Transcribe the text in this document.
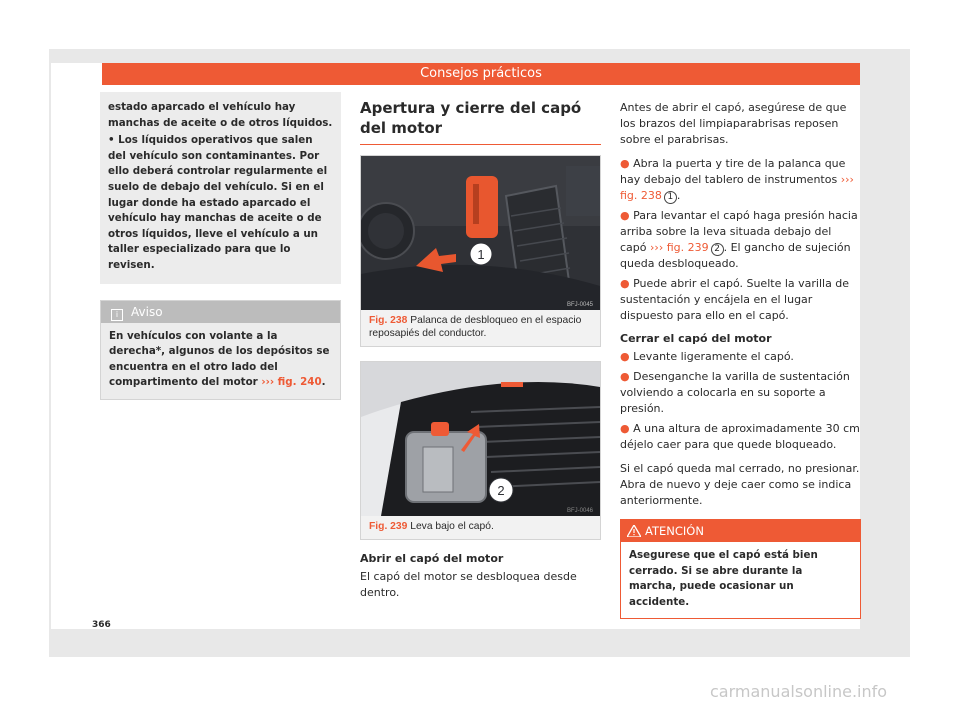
Consejos prácticos

estado aparcado el vehículo hay manchas de aceite o de otros líquidos.

• Los líquidos operativos que salen del vehículo son contaminantes. Por ello deberá controlar regularmente el suelo de debajo del vehículo. Si en el lugar donde ha estado aparcado el vehículo hay manchas de aceite o de otros líquidos, lleve el vehículo a un taller especializado para que lo revisen.

i Aviso
En vehículos con volante a la derecha*, algunos de los depósitos se encuentra en el otro lado del compartimento del motor ››› fig. 240.
Apertura y cierre del capó del motor
1
BFJ-0045
Fig. 238 Palanca de desbloqueo en el espacio reposapiés del conductor.
2
BFJ-0046
Fig. 239 Leva bajo el capó.
Abrir el capó del motor

El capó del motor se desbloquea desde dentro.

Antes de abrir el capó, asegúrese de que los brazos del limpiaparabrisas reposen sobre el parabrisas.

● Abra la puerta y tire de la palanca que hay debajo del tablero de instrumentos ››› fig. 238 1 .

● Para levantar el capó haga presión hacia arriba sobre la leva situada debajo del capó ››› fig. 239 2 . El gancho de sujeción queda desbloqueado.

● Puede abrir el capó. Suelte la varilla de sustentación y encájela en el lugar dispuesto para ello en el capó.

Cerrar el capó del motor

● Levante ligeramente el capó.

● Desenganche la varilla de sustentación volviendo a colocarla en su soporte a presión.

● A una altura de aproximadamente 30 cm déjelo caer para que quede bloqueado.

Si el capó queda mal cerrado, no presionar. Abra de nuevo y deje caer como se indica anteriormente.

ATENCIÓN
Asegurese que el capó está bien cerrado. Si se abre durante la marcha, puede ocasionar un accidente.
366
carmanualsonline.info
